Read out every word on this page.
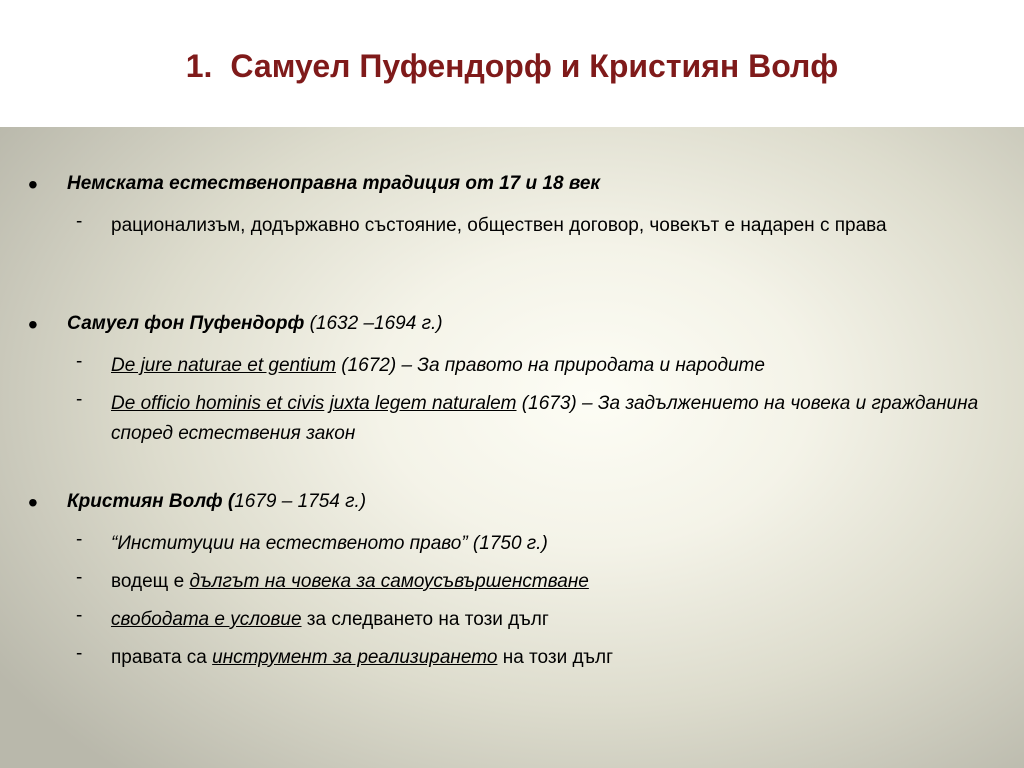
1. Самуел Пуфендорф и Кристиян Волф
• Немската естественоправна традиция от 17 и 18 век
- рационализъм, додържавно състояние, обществен договор, човекът е надарен с права
• Самуел фон Пуфендорф (1632 –1694 г.)
- De jure naturae et gentium (1672) – За правото на природата и народите
- De officio hominis et civis juxta legem naturalem (1673) – За задължението на човека и гражданина според естествения закон
• Кристиян Волф (1679 – 1754 г.)
- “Институции на естественото право” (1750 г.)
- водещ е дългът на човека за самоусъвършенстване
- свободата е условие за следването на този дълг
- правата са инструмент за реализирането на този дълг
